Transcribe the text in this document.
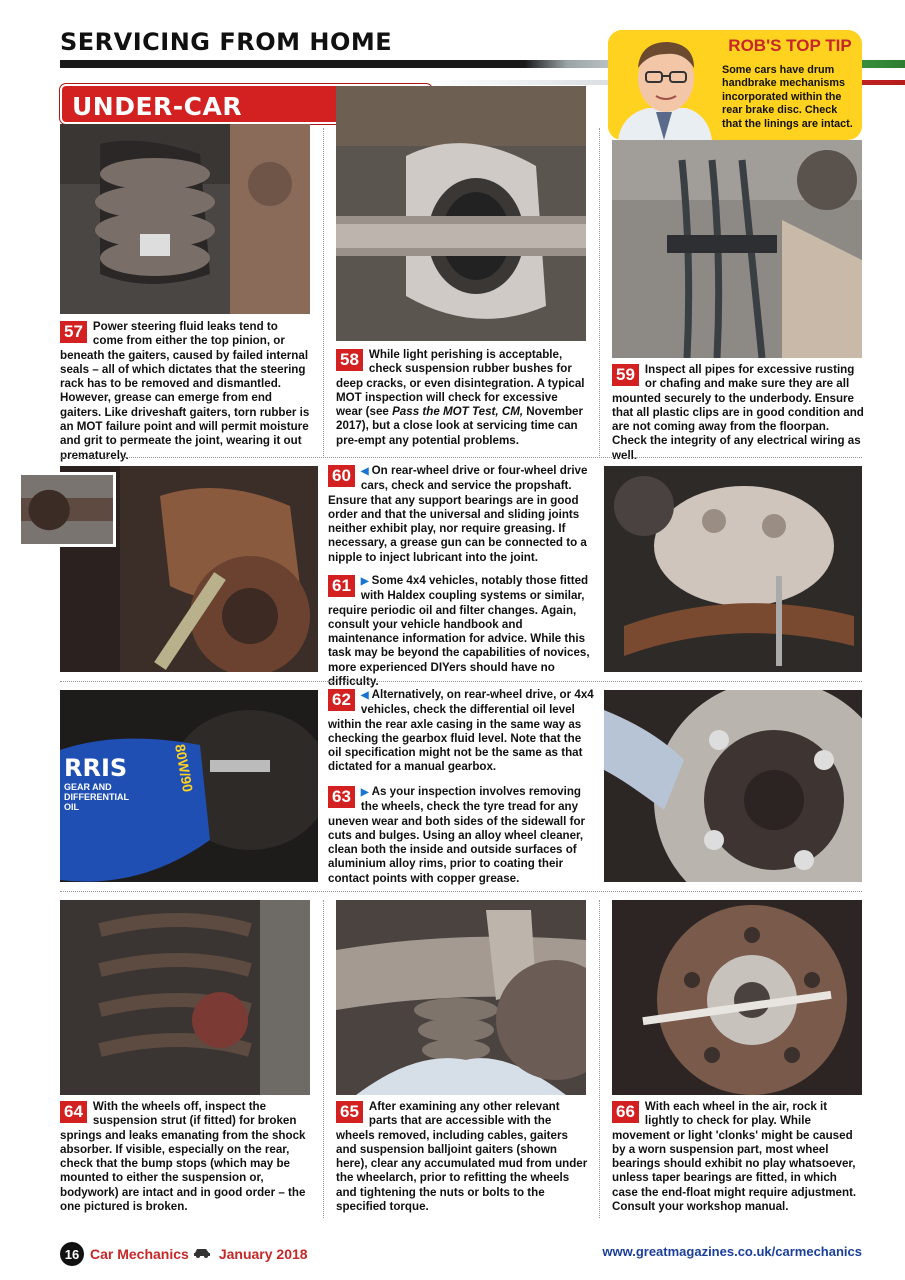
SERVICING FROM HOME
UNDER-CAR
ROB'S TOP TIP
Some cars have drum handbrake mechanisms incorporated within the rear brake disc. Check that the linings are intact.
57 Power steering fluid leaks tend to come from either the top pinion, or beneath the gaiters, caused by failed internal seals – all of which dictates that the steering rack has to be removed and dismantled. However, grease can emerge from end gaiters. Like driveshaft gaiters, torn rubber is an MOT failure point and will permit moisture and grit to permeate the joint, wearing it out prematurely.
58 While light perishing is acceptable, check suspension rubber bushes for deep cracks, or even disintegration. A typical MOT inspection will check for excessive wear (see Pass the MOT Test, CM, November 2017), but a close look at servicing time can pre-empt any potential problems.
59 Inspect all pipes for excessive rusting or chafing and make sure they are all mounted securely to the underbody. Ensure that all plastic clips are in good condition and are not coming away from the floorpan. Check the integrity of any electrical wiring as well.
60	◀ On rear-wheel drive or four-wheel drive cars, check and service the propshaft. Ensure that any support bearings are in good order and that the universal and sliding joints neither exhibit play, nor require greasing. If necessary, a grease gun can be connected to a nipple to inject lubricant into the joint.
61	▶ Some 4x4 vehicles, notably those fitted with Haldex coupling systems or similar, require periodic oil and filter changes. Again, consult your vehicle handbook and maintenance information for advice. While this task may be beyond the capabilities of novices, more experienced DIYers should have no difficulty.
RRIS
GEAR AND
DIFFERENTIAL
OIL
80W/90
62	◀ Alternatively, on rear-wheel drive, or 4x4 vehicles, check the differential oil level within the rear axle casing in the same way as checking the gearbox fluid level. Note that the oil specification might not be the same as that dictated for a manual gearbox.
63	▶ As your inspection involves removing the wheels, check the tyre tread for any uneven wear and both sides of the sidewall for cuts and bulges. Using an alloy wheel cleaner, clean both the inside and outside surfaces of aluminium alloy rims, prior to coating their contact points with copper grease.
64 With the wheels off, inspect the suspension strut (if fitted) for broken springs and leaks emanating from the shock absorber. If visible, especially on the rear, check that the bump stops (which may be mounted to either the suspension or, bodywork) are intact and in good order – the one pictured is broken.
65 After examining any other relevant parts that are accessible with the wheels removed, including cables, gaiters and suspension balljoint gaiters (shown here), clear any accumulated mud from under the wheelarch, prior to refitting the wheels and tightening the nuts or bolts to the specified torque.
66 With each wheel in the air, rock it lightly to check for play. While movement or light 'clonks' might be caused by a worn suspension part, most wheel bearings should exhibit no play whatsoever, unless taper bearings are fitted, in which case the end-float might require adjustment. Consult your workshop manual.
16 Car Mechanics January 2018	www.greatmagazines.co.uk/carmechanics
